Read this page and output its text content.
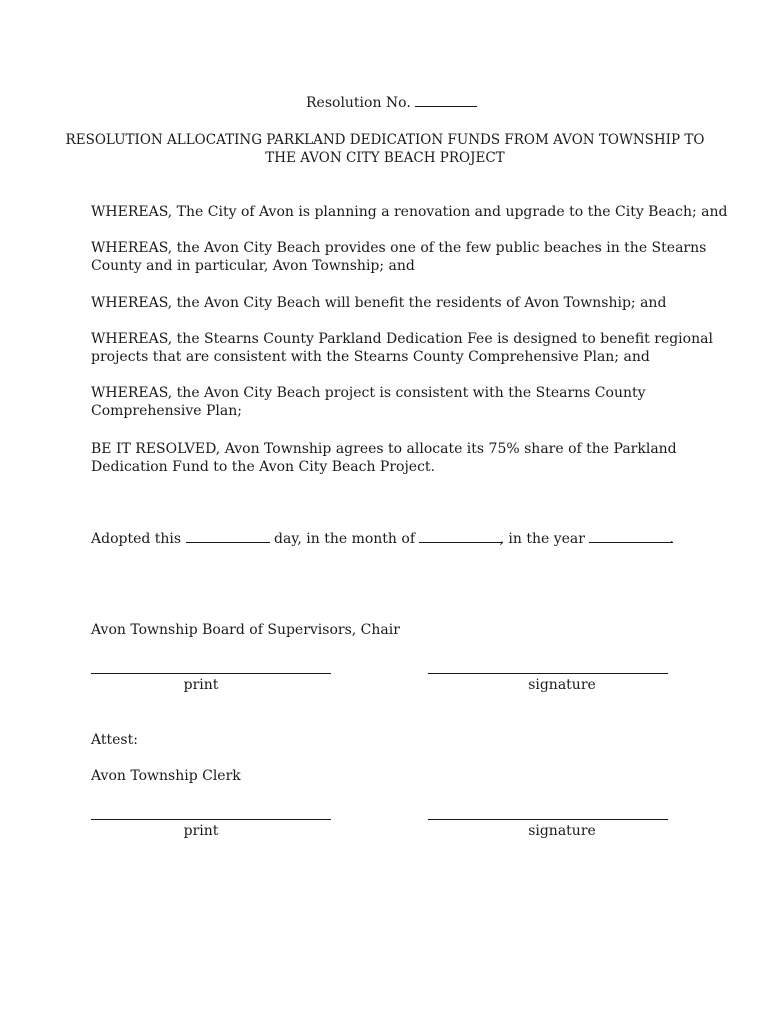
Resolution No.
RESOLUTION ALLOCATING PARKLAND DEDICATION FUNDS FROM AVON TOWNSHIP TO
THE AVON CITY BEACH PROJECT
WHEREAS, The City of Avon is planning a renovation and upgrade to the City Beach; and
WHEREAS, the Avon City Beach provides one of the few public beaches in the Stearns
County and in particular, Avon Township; and
WHEREAS, the Avon City Beach will benefit the residents of Avon Township; and
WHEREAS, the Stearns County Parkland Dedication Fee is designed to benefit regional
projects that are consistent with the Stearns County Comprehensive Plan; and
WHEREAS, the Avon City Beach project is consistent with the Stearns County
Comprehensive Plan;
BE IT RESOLVED, Avon Township agrees to allocate its 75% share of the Parkland
Dedication Fund to the Avon City Beach Project.
Adopted this	day, in the month of	, in the year	.
Avon Township Board of Supervisors, Chair
print	signature
Attest:
Avon Township Clerk
print	signature
